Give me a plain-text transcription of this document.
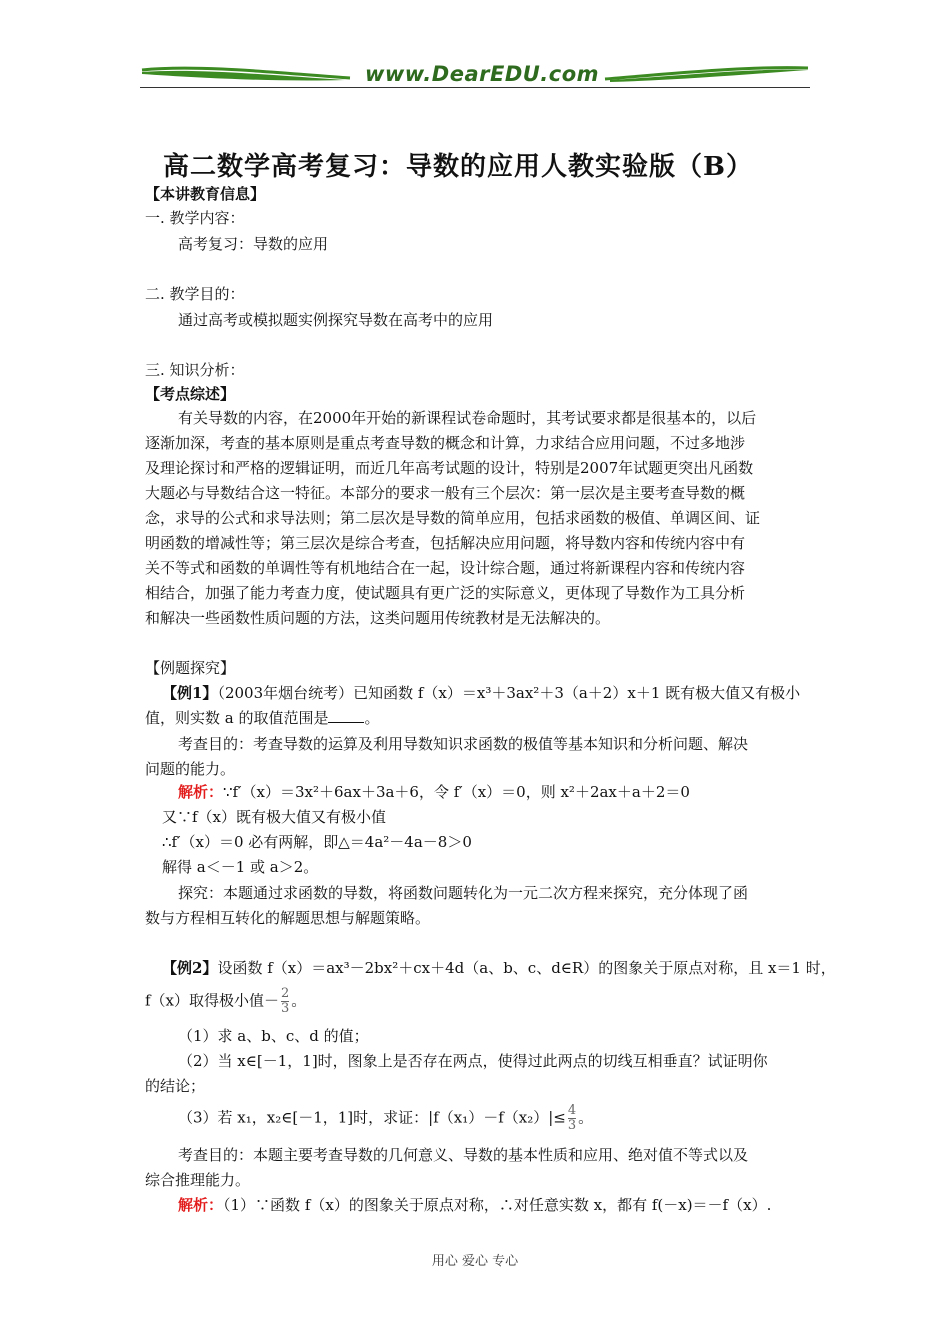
www.DearEDU.com
高二数学高考复习：导数的应用人教实验版（B）
【本讲教育信息】
一. 教学内容：
高考复习：导数的应用
二. 教学目的：
通过高考或模拟题实例探究导数在高考中的应用
三. 知识分析：
【考点综述】
有关导数的内容，在2000年开始的新课程试卷命题时，其考试要求都是很基本的，以后
逐渐加深，考查的基本原则是重点考查导数的概念和计算，力求结合应用问题，不过多地涉
及理论探讨和严格的逻辑证明，而近几年高考试题的设计，特别是2007年试题更突出凡函数
大题必与导数结合这一特征。本部分的要求一般有三个层次：第一层次是主要考查导数的概
念，求导的公式和求导法则；第二层次是导数的简单应用，包括求函数的极值、单调区间、证
明函数的增减性等；第三层次是综合考查，包括解决应用问题，将导数内容和传统内容中有
关不等式和函数的单调性等有机地结合在一起，设计综合题，通过将新课程内容和传统内容
相结合，加强了能力考查力度，使试题具有更广泛的实际意义，更体现了导数作为工具分析
和解决一些函数性质问题的方法，这类问题用传统教材是无法解决的。
【例题探究】
【例1】（2003年烟台统考）已知函数 f（x）＝x³＋3ax²＋3（a＋2）x＋1 既有极大值又有极小
值，则实数 a 的取值范围是 。
考查目的：考查导数的运算及利用导数知识求函数的极值等基本知识和分析问题、解决
问题的能力。
解析：∵f′（x）＝3x²＋6ax＋3a＋6，令 f′（x）＝0，则 x²＋2ax＋a＋2＝0
又∵f（x）既有极大值又有极小值
∴f′（x）＝0 必有两解，即△＝4a²－4a－8＞0
解得 a＜－1 或 a＞2。
探究：本题通过求函数的导数，将函数问题转化为一元二次方程来探究，充分体现了函
数与方程相互转化的解题思想与解题策略。
【例2】设函数 f（x）＝ax³－2bx²＋cx＋4d（a、b、c、d∈R）的图象关于原点对称，且 x＝1 时，
f（x）取得极小值－ $\frac{2}{3}$ 。
（1）求 a、b、c、d 的值；
（2）当 x∈[－1，1]时，图象上是否存在两点，使得过此两点的切线互相垂直？试证明你
的结论；
（3）若 x₁，x₂∈[－1，1]时，求证：$|f(x_1)-f(x_2)|\le \frac{4}{3}$ 。
考查目的：本题主要考查导数的几何意义、导数的基本性质和应用、绝对值不等式以及
综合推理能力。
解析：（1）∵函数 f（x）的图象关于原点对称，∴对任意实数 x，都有 f(－x)＝－f（x）.
用心 爱心 专心
